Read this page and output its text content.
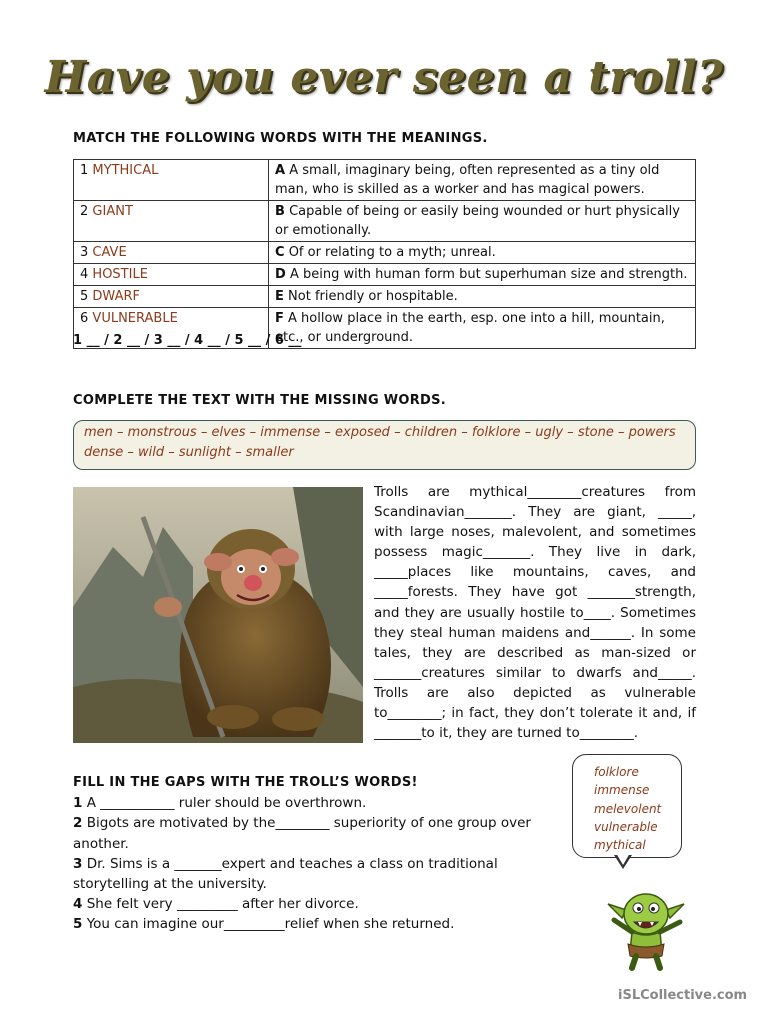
Have you ever seen a troll?
MATCH THE FOLLOWING WORDS WITH THE MEANINGS.
1 MYTHICAL	A A small, imaginary being, often represented as a tiny old man, who is skilled as a worker and has magical powers.
2 GIANT	B Capable of being or easily being wounded or hurt physically or emotionally.
3 CAVE	C Of or relating to a myth; unreal.
4 HOSTILE	D A being with human form but superhuman size and strength.
5 DWARF	E Not friendly or hospitable.
6 VULNERABLE	F A hollow place in the earth, esp. one into a hill, mountain, etc., or underground.
1 __ / 2 __ / 3 __ / 4 __ / 5 __ / 6 __
COMPLETE THE TEXT WITH THE MISSING WORDS.
men – monstrous – elves – immense – exposed – children – folklore – ugly – stone – powers
dense – wild – sunlight – smaller
Trolls are mythical________creatures from Scandinavian_______. They are giant, _____, with large noses, malevolent, and sometimes possess magic_______. They live in dark, _____places like mountains, caves, and _____forests. They have got _______strength, and they are usually hostile to____. Sometimes they steal human maidens and______. In some tales, they are described as man-sized or _______creatures similar to dwarfs and_____. Trolls are also depicted as vulnerable to________; in fact, they don’t tolerate it and, if _______to it, they are turned to________.
FILL IN THE GAPS WITH THE TROLL’S WORDS!
1 A ___________ ruler should be overthrown.
2 Bigots are motivated by the________ superiority of one group over another.
3 Dr. Sims is a _______expert and teaches a class on traditional storytelling at the university.
4 She felt very _________ after her divorce.
5 You can imagine our_________relief when she returned.
folklore
immense
melevolent
vulnerable
mythical
iSLCollective.com
